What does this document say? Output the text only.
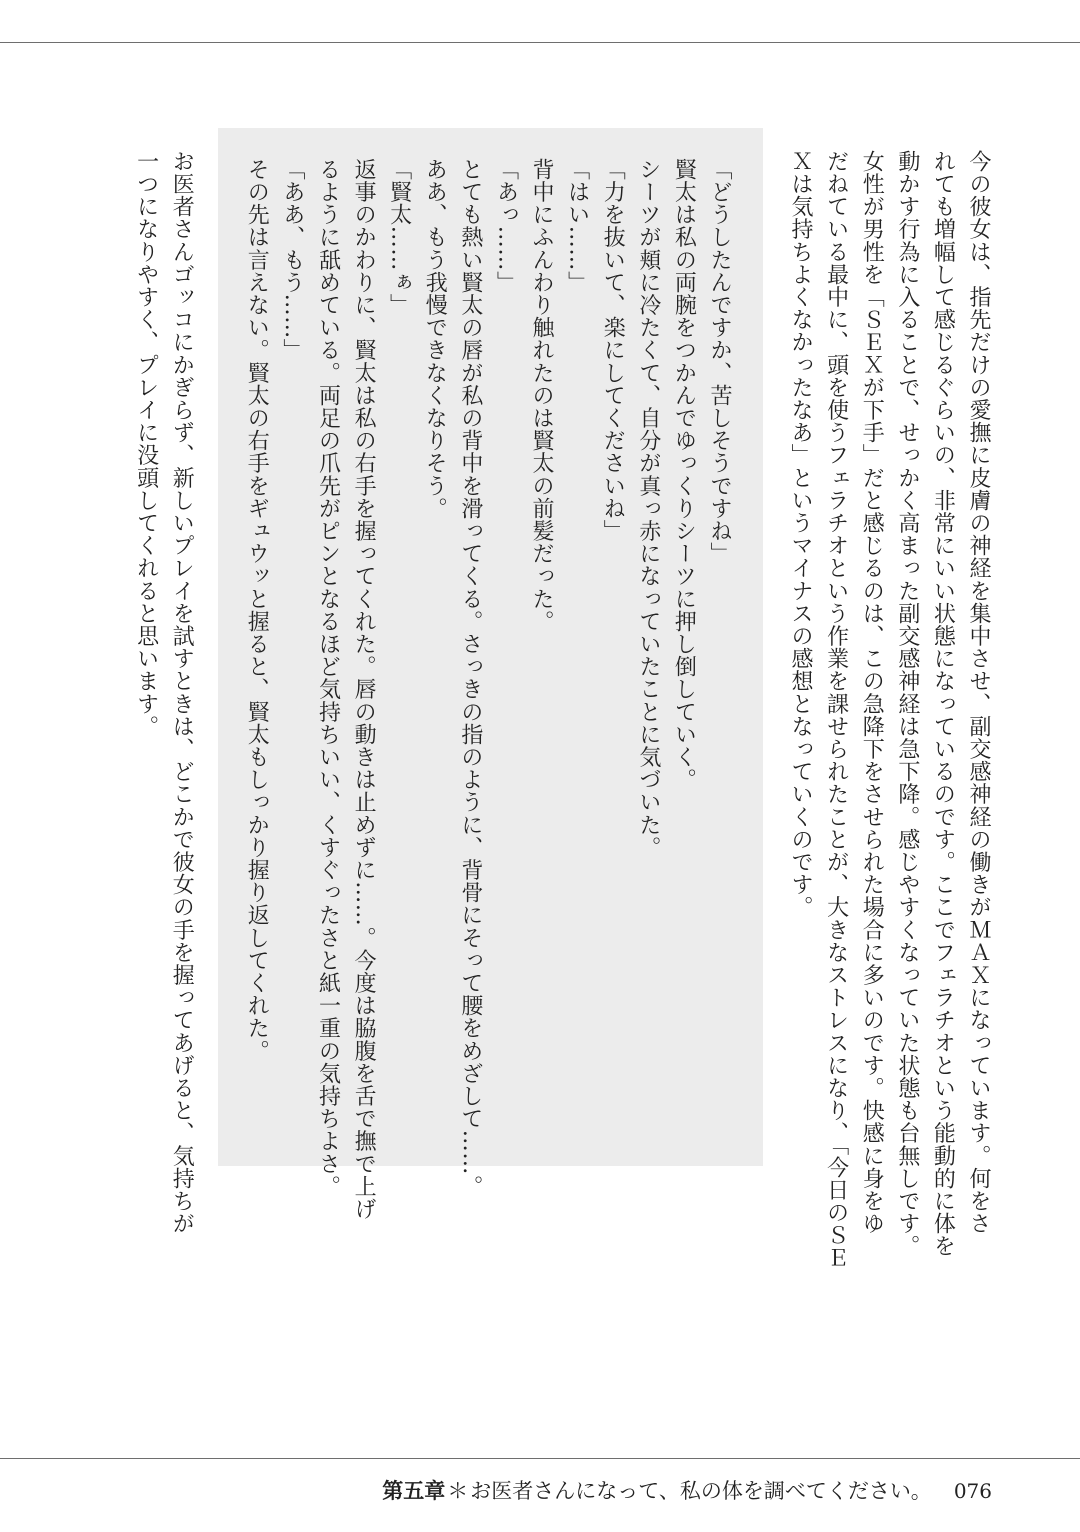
今の彼女は、指先だけの愛撫に皮膚の神経を集中させ、副交感神経の働きがＭＡＸになっています。何をさ

れても増幅して感じるぐらいの、非常にいい状態になっているのです。ここでフェラチオという能動的に体を

動かす行為に入ることで、せっかく高まった副交感神経は急下降。感じやすくなっていた状態も台無しです。

女性が男性を「ＳＥＸが下手」だと感じるのは、この急降下をさせられた場合に多いのです。快感に身をゆ

だねている最中に、頭を使うフェラチオという作業を課せられたことが、大きなストレスになり、「今日のＳＥ

Ｘは気持ちよくなかったなあ」というマイナスの感想となっていくのです。

「どうしたんですか、苦しそうですね」

賢太は私の両腕をつかんでゆっくりシーツに押し倒していく。

シーツが頬に冷たくて、自分が真っ赤になっていたことに気づいた。

「力を抜いて、楽にしてくださいね」

「はい……」

背中にふんわり触れたのは賢太の前髪だった。

「あっ……」

とても熱い賢太の唇が私の背中を滑ってくる。さっきの指のように、背骨にそって腰をめざして……。

ああ、もう我慢できなくなりそう。

「賢太……ぁ」

返事のかわりに、賢太は私の右手を握ってくれた。唇の動きは止めずに……。今度は脇腹を舌で撫で上げ

るように舐めている。両足の爪先がピンとなるほど気持ちいい、くすぐったさと紙一重の気持ちよさ。

「ああ、もう……」

その先は言えない。賢太の右手をギュウッと握ると、賢太もしっかり握り返してくれた。

お医者さんゴッコにかぎらず、新しいプレイを試すときは、どこかで彼女の手を握ってあげると、気持ちが

一つになりやすく、プレイに没頭してくれると思います。

第五章＊お医者さんになって、私の体を調べてください。 076
